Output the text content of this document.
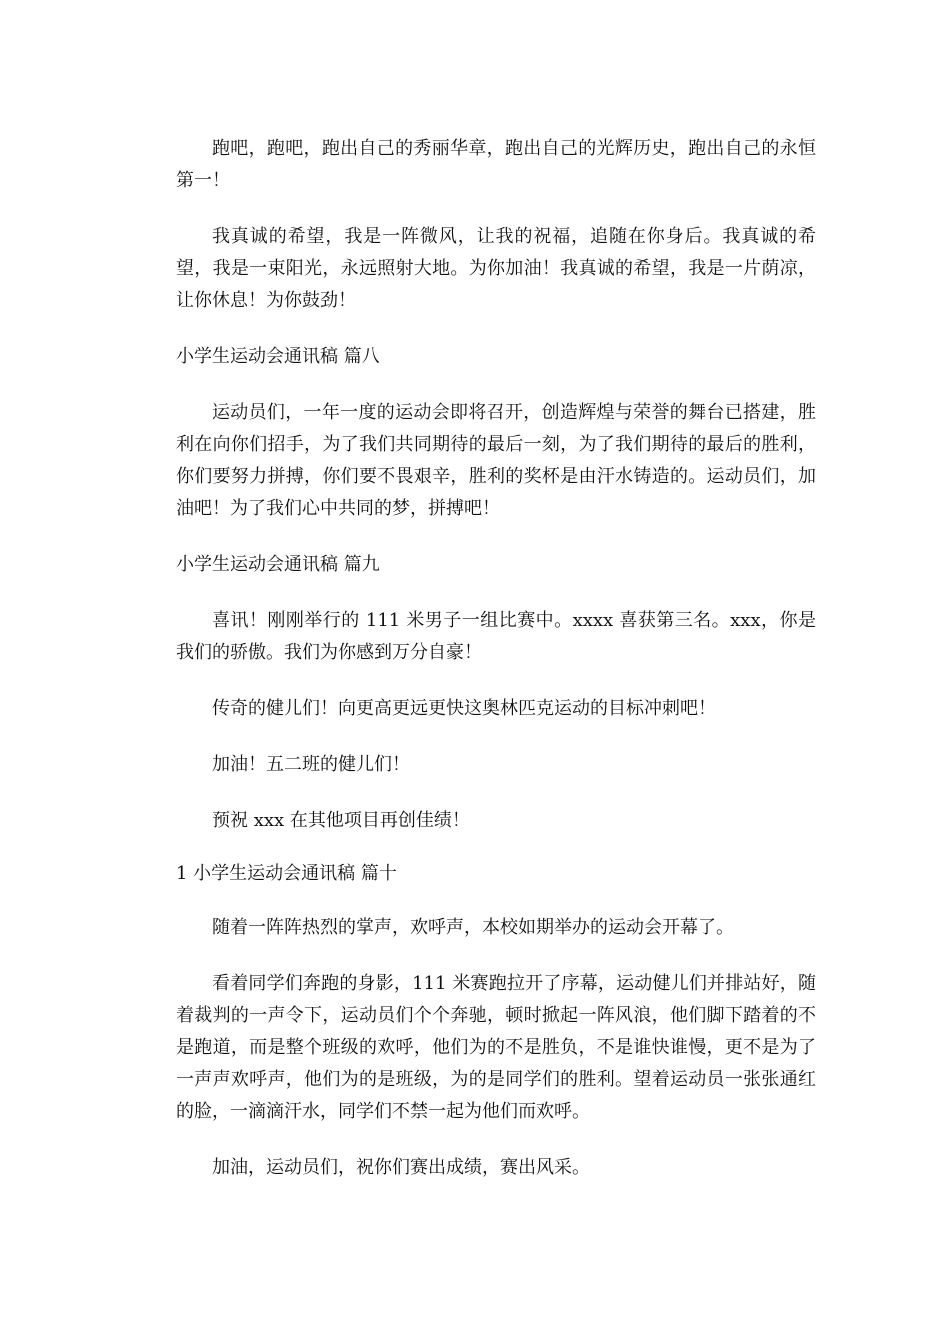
跑吧，跑吧，跑出自己的秀丽华章，跑出自己的光辉历史，跑出自己的永恒第一！

我真诚的希望，我是一阵微风，让我的祝福，追随在你身后。我真诚的希望，我是一束阳光，永远照射大地。为你加油！我真诚的希望，我是一片荫凉，让你休息！为你鼓劲！

小学生运动会通讯稿 篇八

运动员们，一年一度的运动会即将召开，创造辉煌与荣誉的舞台已搭建，胜利在向你们招手，为了我们共同期待的最后一刻，为了我们期待的最后的胜利，你们要努力拼搏，你们要不畏艰辛，胜利的奖杯是由汗水铸造的。运动员们，加油吧！为了我们心中共同的梦，拼搏吧！

小学生运动会通讯稿 篇九

喜讯！刚刚举行的 111 米男子一组比赛中。xxxx 喜获第三名。xxx，你是我们的骄傲。我们为你感到万分自豪！

传奇的健儿们！向更高更远更快这奥林匹克运动的目标冲刺吧！

加油！五二班的健儿们！

预祝 xxx 在其他项目再创佳绩！

1 小学生运动会通讯稿 篇十

随着一阵阵热烈的掌声，欢呼声，本校如期举办的运动会开幕了。

看着同学们奔跑的身影，111 米赛跑拉开了序幕，运动健儿们并排站好，随着裁判的一声令下，运动员们个个奔驰，顿时掀起一阵风浪，他们脚下踏着的不是跑道，而是整个班级的欢呼，他们为的不是胜负，不是谁快谁慢，更不是为了一声声欢呼声，他们为的是班级，为的是同学们的胜利。望着运动员一张张通红的脸，一滴滴汗水，同学们不禁一起为他们而欢呼。

加油，运动员们，祝你们赛出成绩，赛出风采。
